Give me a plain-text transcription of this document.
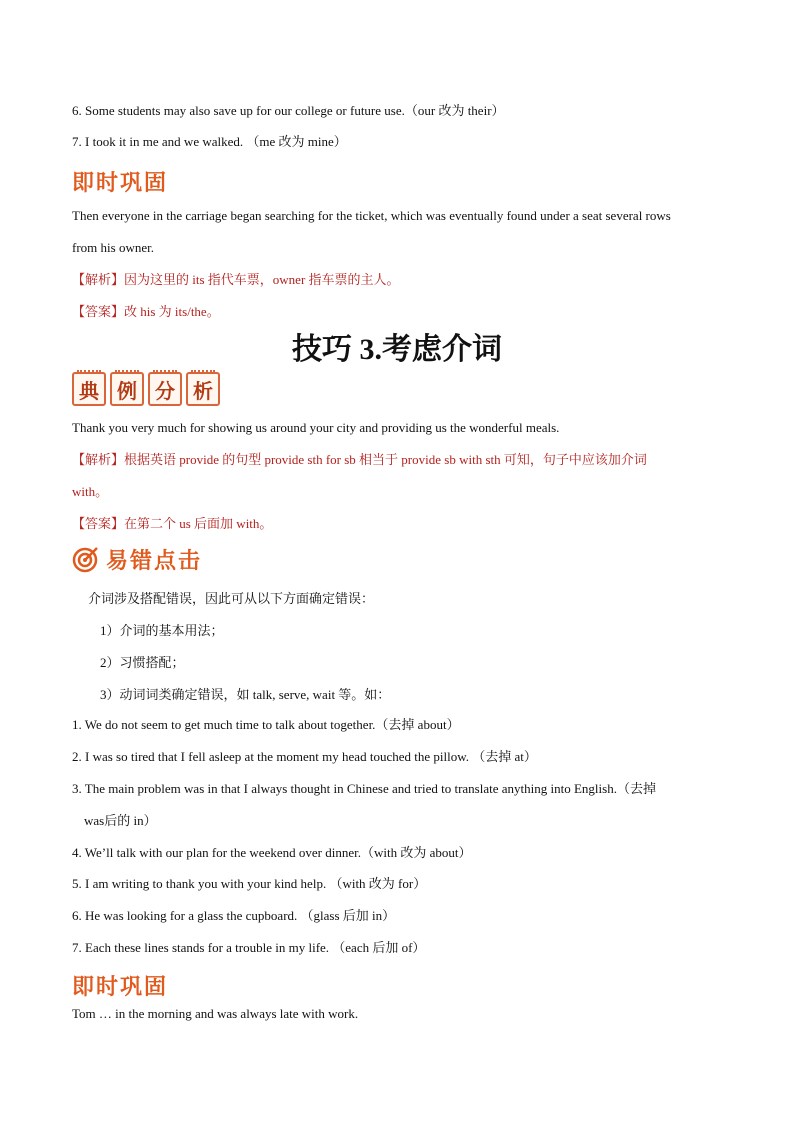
6. Some students may also save up for our college or future use.（our 改为 their）
7. I took it in me and we walked. （me 改为 mine）
即时巩固
Then everyone in the carriage began searching for the ticket, which was eventually found under a seat several rows
from his owner.
【解析】因为这里的 its 指代车票，owner 指车票的主人。
【答案】改 his 为 its/the。
技巧 3.考虑介词
典 例 分 析
Thank you very much for showing us around your city and providing us the wonderful meals.
【解析】根据英语 provide 的句型 provide sth for sb 相当于 provide sb with sth 可知，句子中应该加介词
with。
【答案】在第二个 us 后面加 with。
易错点击
介词涉及搭配错误，因此可从以下方面确定错误：
1）介词的基本用法；
2）习惯搭配；
3）动词词类确定错误，如 talk, serve, wait 等。如：
1. We do not seem to get much time to talk about together.（去掉 about）
2. I was so tired that I fell asleep at the moment my head touched the pillow. （去掉 at）
3. The main problem was in that I always thought in Chinese and tried to translate anything into English.（去掉
was后的 in）
4. We’ll talk with our plan for the weekend over dinner.（with 改为 about）
5. I am writing to thank you with your kind help. （with 改为 for）
6. He was looking for a glass the cupboard. （glass 后加 in）
7. Each these lines stands for a trouble in my life. （each 后加 of）
即时巩固
Tom … in the morning and was always late with work.
